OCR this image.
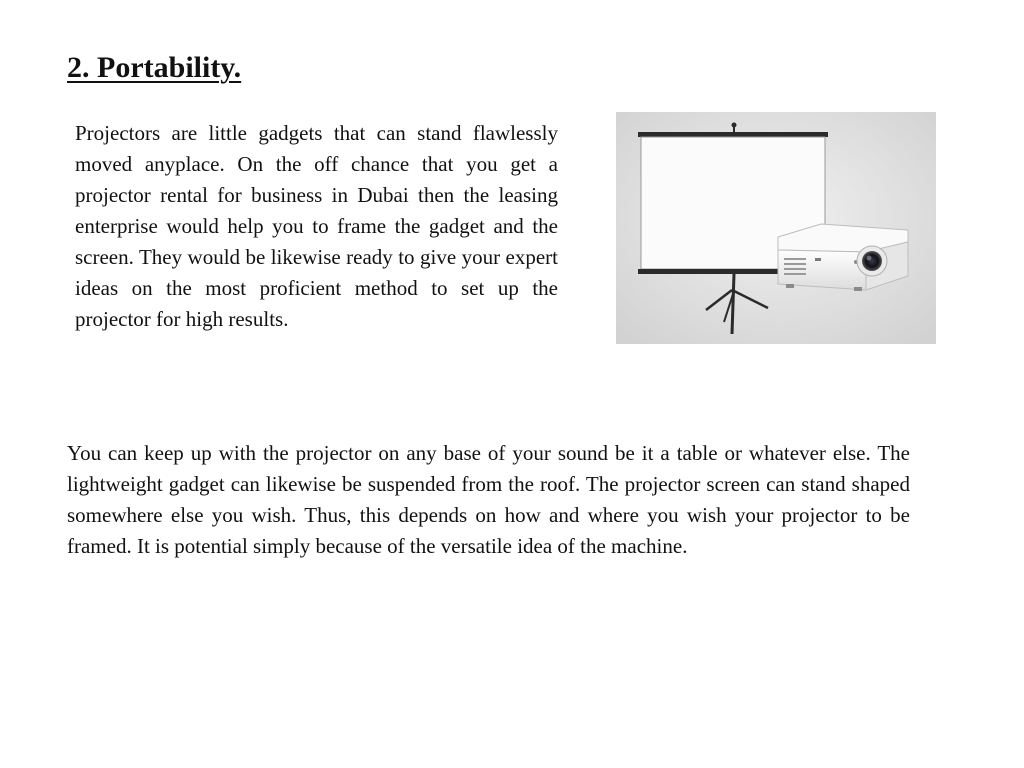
2. Portability.

Projectors are little gadgets that can stand flawlessly moved anyplace. On the off chance that you get a projector rental for business in Dubai then the leasing enterprise would help you to frame the gadget and the screen. They would be likewise ready to give your expert ideas on the most proficient method to set up the projector for high results.

You can keep up with the projector on any base of your sound be it a table or whatever else. The lightweight gadget can likewise be suspended from the roof. The projector screen can stand shaped somewhere else you wish. Thus, this depends on how and where you wish your projector to be framed. It is potential simply because of the versatile idea of the machine.
